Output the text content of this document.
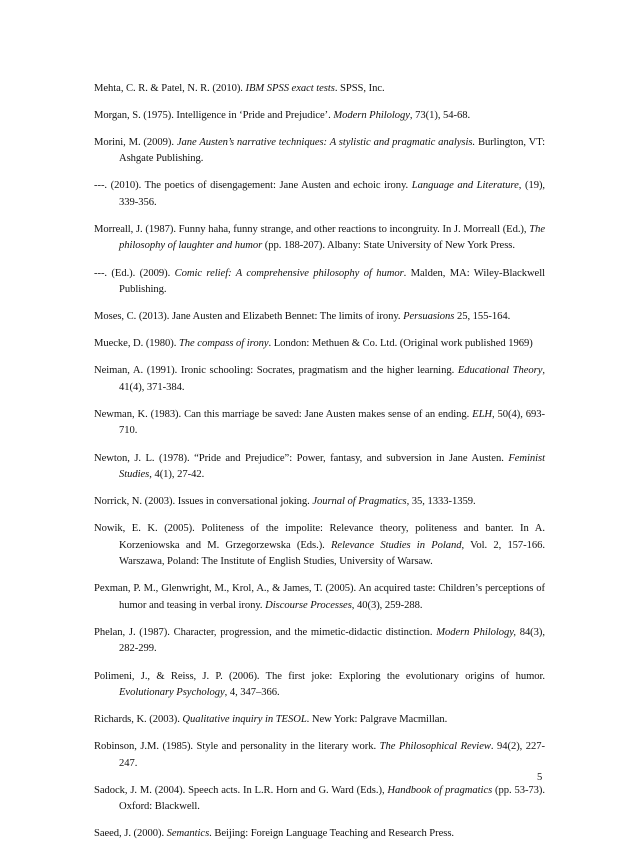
Mehta, C. R. & Patel, N. R. (2010). IBM SPSS exact tests. SPSS, Inc.

Morgan, S. (1975). Intelligence in ‘Pride and Prejudice’. Modern Philology, 73(1), 54-68.

Morini, M. (2009). Jane Austen’s narrative techniques: A stylistic and pragmatic analysis. Burlington, VT: Ashgate Publishing.

---. (2010). The poetics of disengagement: Jane Austen and echoic irony. Language and Literature, (19), 339-356.

Morreall, J. (1987). Funny haha, funny strange, and other reactions to incongruity. In J. Morreall (Ed.), The philosophy of laughter and humor (pp. 188-207). Albany: State University of New York Press.

---. (Ed.). (2009). Comic relief: A comprehensive philosophy of humor. Malden, MA: Wiley-Blackwell Publishing.

Moses, C. (2013). Jane Austen and Elizabeth Bennet: The limits of irony. Persuasions 25, 155-164.

Muecke, D. (1980). The compass of irony. London: Methuen & Co. Ltd. (Original work published 1969)

Neiman, A. (1991). Ironic schooling: Socrates, pragmatism and the higher learning. Educational Theory, 41(4), 371-384.

Newman, K. (1983). Can this marriage be saved: Jane Austen makes sense of an ending. ELH, 50(4), 693-710.

Newton, J. L. (1978). “Pride and Prejudice”: Power, fantasy, and subversion in Jane Austen. Feminist Studies, 4(1), 27-42.

Norrick, N. (2003). Issues in conversational joking. Journal of Pragmatics, 35, 1333-1359.

Nowik, E. K. (2005). Politeness of the impolite: Relevance theory, politeness and banter. In A. Korzeniowska and M. Grzegorzewska (Eds.). Relevance Studies in Poland, Vol. 2, 157-166. Warszawa, Poland: The Institute of English Studies, University of Warsaw.

Pexman, P. M., Glenwright, M., Krol, A., & James, T. (2005). An acquired taste: Children’s perceptions of humor and teasing in verbal irony. Discourse Processes, 40(3), 259-288.

Phelan, J. (1987). Character, progression, and the mimetic-didactic distinction. Modern Philology, 84(3), 282-299.

Polimeni, J., & Reiss, J. P. (2006). The first joke: Exploring the evolutionary origins of humor. Evolutionary Psychology, 4, 347–366.

Richards, K. (2003). Qualitative inquiry in TESOL. New York: Palgrave Macmillan.

Robinson, J.M. (1985). Style and personality in the literary work. The Philosophical Review. 94(2), 227-247.

Sadock, J. M. (2004). Speech acts. In L.R. Horn and G. Ward (Eds.), Handbook of pragmatics (pp. 53-73). Oxford: Blackwell.

Saeed, J. (2000). Semantics. Beijing: Foreign Language Teaching and Research Press.

5
